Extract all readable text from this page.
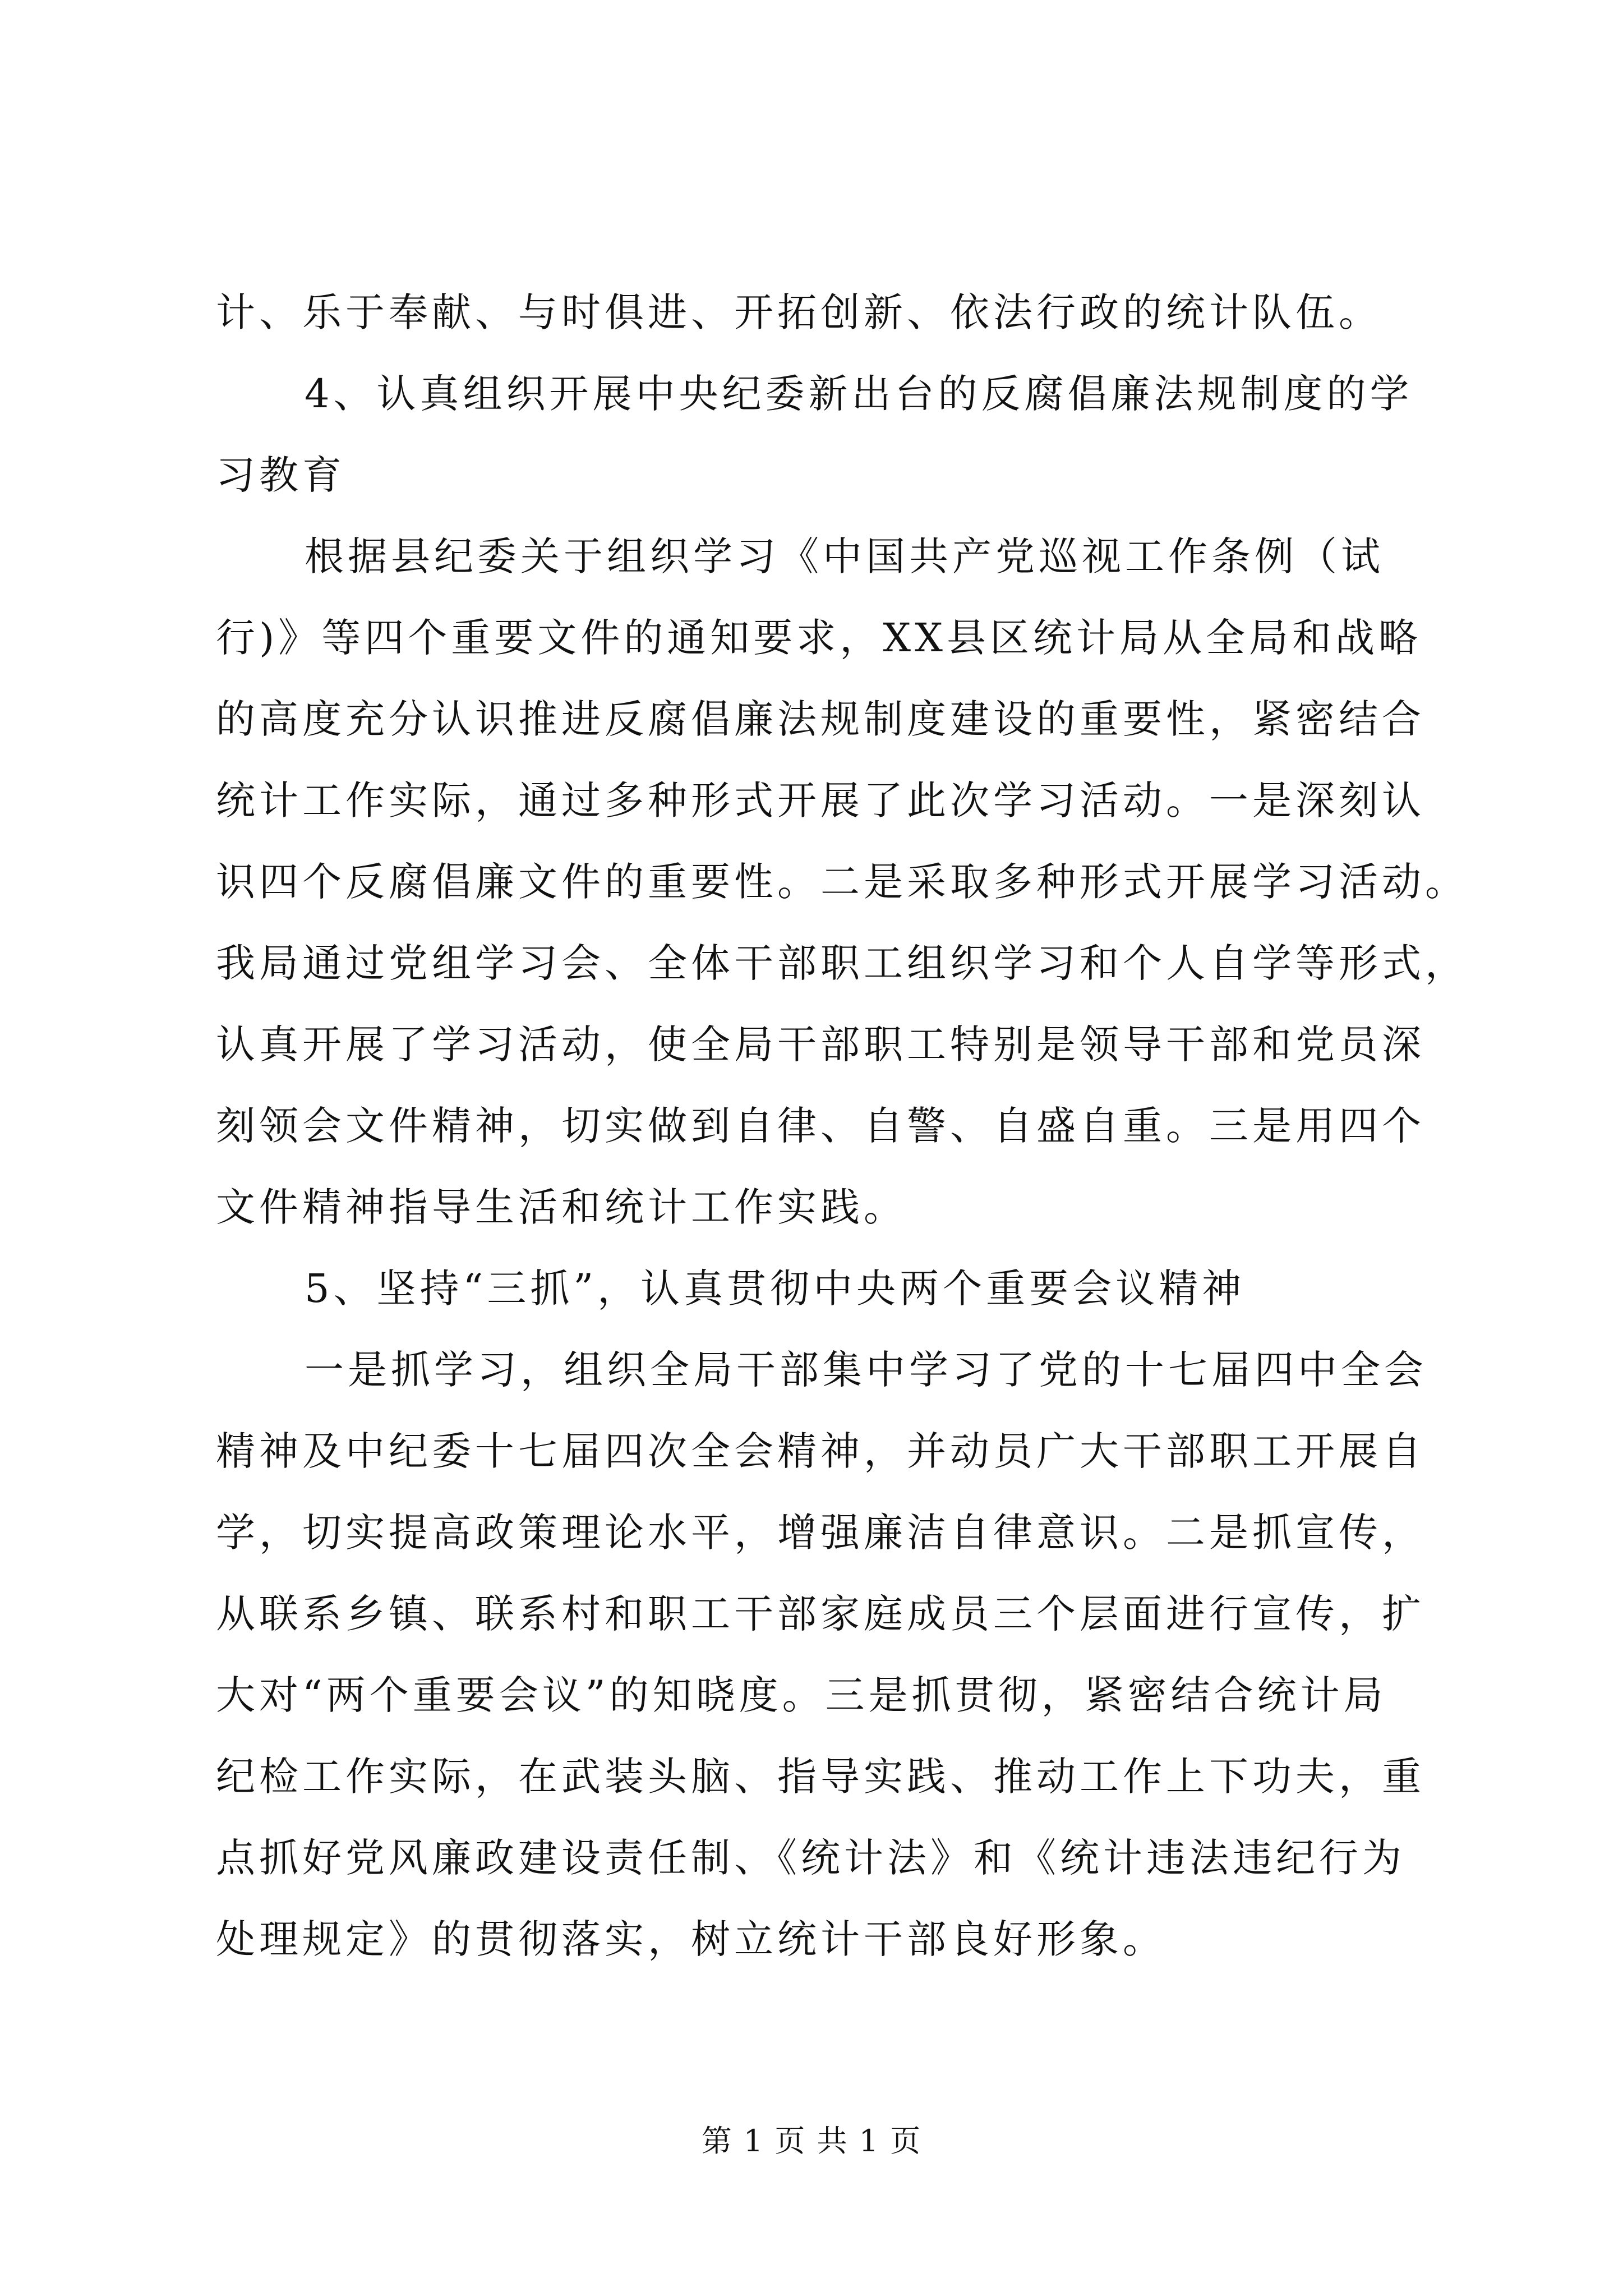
计、乐于奉献、与时俱进、开拓创新、依法行政的统计队伍。
4、认真组织开展中央纪委新出台的反腐倡廉法规制度的学
习教育
根据县纪委关于组织学习《中国共产党巡视工作条例（试
行)》等四个重要文件的通知要求，XX县区统计局从全局和战略
的高度充分认识推进反腐倡廉法规制度建设的重要性，紧密结合
统计工作实际，通过多种形式开展了此次学习活动。一是深刻认
识四个反腐倡廉文件的重要性。二是采取多种形式开展学习活动。
我局通过党组学习会、全体干部职工组织学习和个人自学等形式，
认真开展了学习活动，使全局干部职工特别是领导干部和党员深
刻领会文件精神，切实做到自律、自警、自盛自重。三是用四个
文件精神指导生活和统计工作实践。
5、坚持“三抓”，认真贯彻中央两个重要会议精神
一是抓学习，组织全局干部集中学习了党的十七届四中全会
精神及中纪委十七届四次全会精神，并动员广大干部职工开展自
学，切实提高政策理论水平，增强廉洁自律意识。二是抓宣传，
从联系乡镇、联系村和职工干部家庭成员三个层面进行宣传，扩
大对“两个重要会议”的知晓度。三是抓贯彻，紧密结合统计局
纪检工作实际，在武装头脑、指导实践、推动工作上下功夫，重
点抓好党风廉政建设责任制、《统计法》和《统计违法违纪行为
处理规定》的贯彻落实，树立统计干部良好形象。
第 1 页 共 1 页
